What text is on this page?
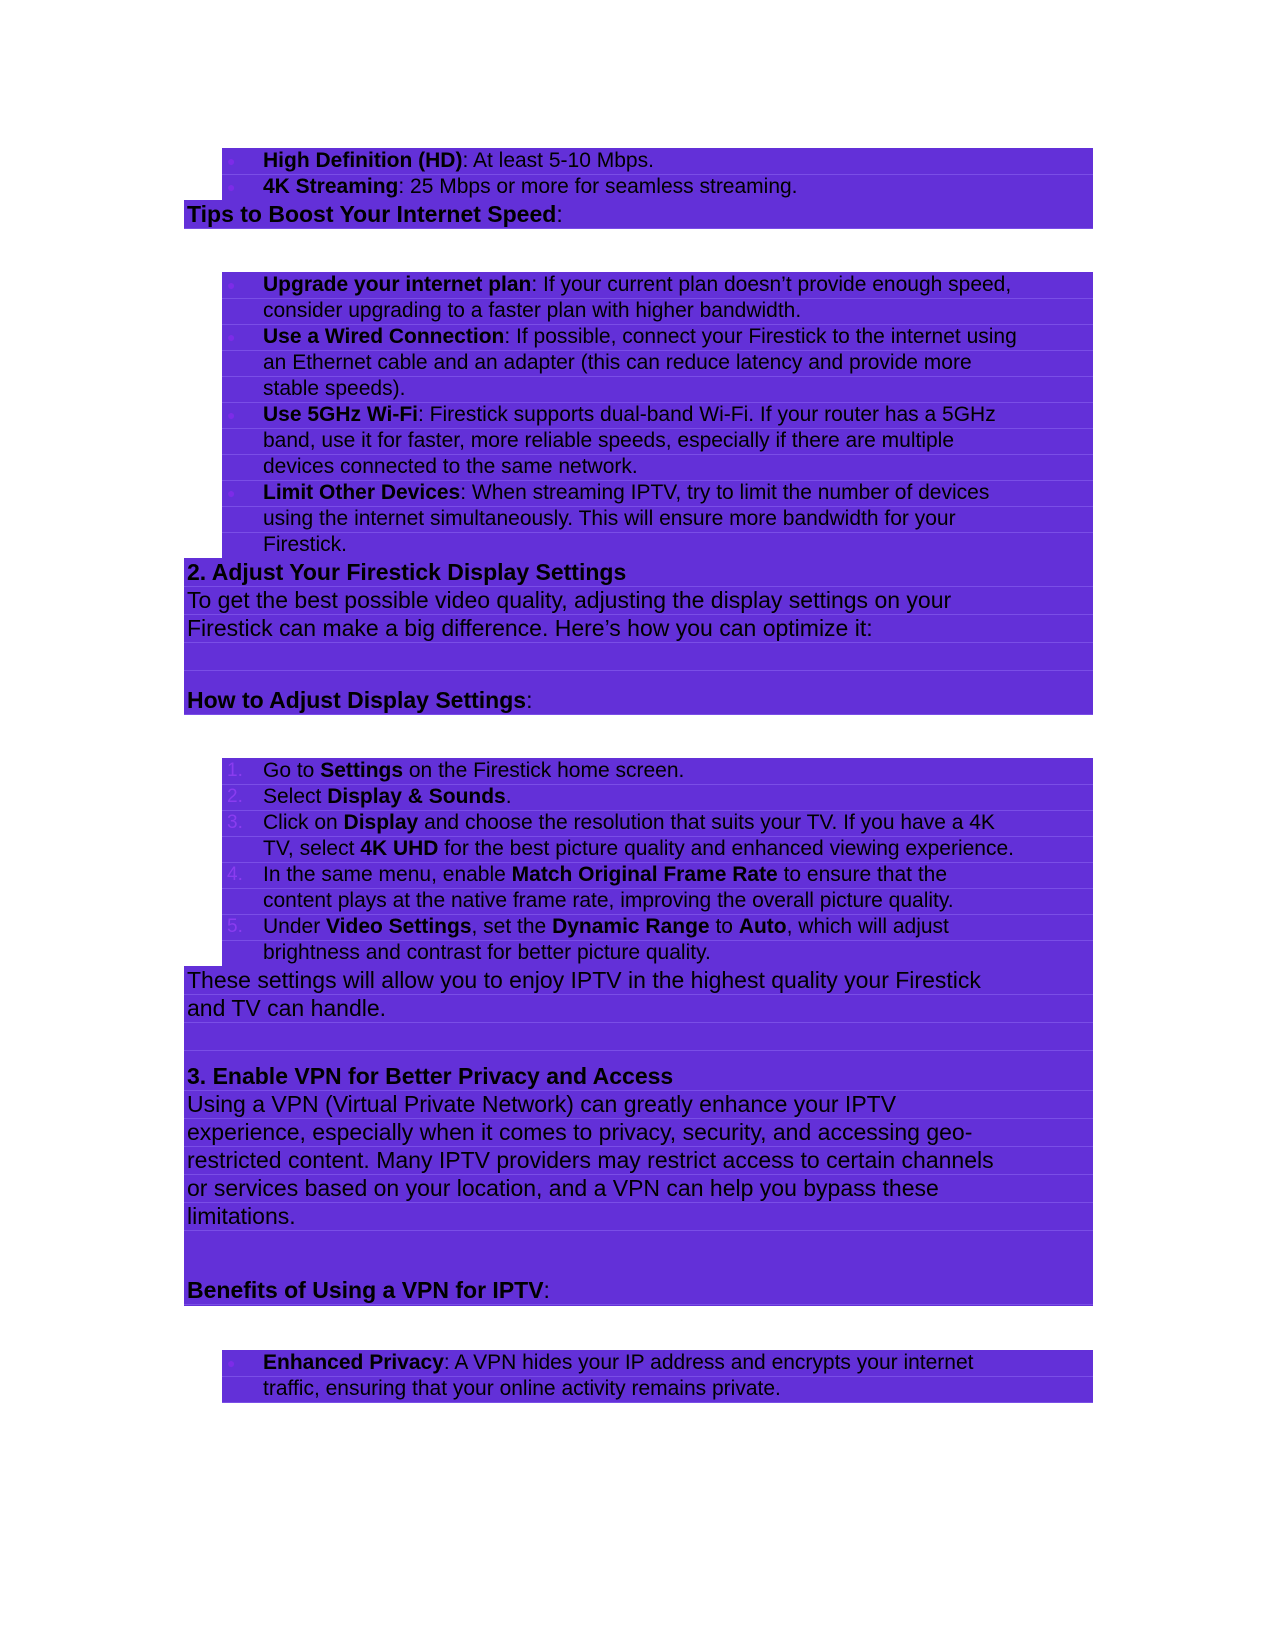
●	High Definition (HD): At least 5-10 Mbps.
●	4K Streaming: 25 Mbps or more for seamless streaming.
Tips to Boost Your Internet Speed:
●	Upgrade your internet plan: If your current plan doesn’t provide enough speed,
consider upgrading to a faster plan with higher bandwidth.
●	Use a Wired Connection: If possible, connect your Firestick to the internet using
an Ethernet cable and an adapter (this can reduce latency and provide more
stable speeds).
●	Use 5GHz Wi-Fi: Firestick supports dual-band Wi-Fi. If your router has a 5GHz
band, use it for faster, more reliable speeds, especially if there are multiple
devices connected to the same network.
●	Limit Other Devices: When streaming IPTV, try to limit the number of devices
using the internet simultaneously. This will ensure more bandwidth for your
Firestick.
2. Adjust Your Firestick Display Settings
To get the best possible video quality, adjusting the display settings on your
Firestick can make a big difference. Here’s how you can optimize it:
How to Adjust Display Settings:
1. Go to Settings on the Firestick home screen.
2. Select Display & Sounds.
3. Click on Display and choose the resolution that suits your TV. If you have a 4K
TV, select 4K UHD for the best picture quality and enhanced viewing experience.
4. In the same menu, enable Match Original Frame Rate to ensure that the
content plays at the native frame rate, improving the overall picture quality.
5. Under Video Settings, set the Dynamic Range to Auto, which will adjust
brightness and contrast for better picture quality.
These settings will allow you to enjoy IPTV in the highest quality your Firestick
and TV can handle.
3. Enable VPN for Better Privacy and Access
Using a VPN (Virtual Private Network) can greatly enhance your IPTV
experience, especially when it comes to privacy, security, and accessing geo-
restricted content. Many IPTV providers may restrict access to certain channels
or services based on your location, and a VPN can help you bypass these
limitations.
Benefits of Using a VPN for IPTV:
●	Enhanced Privacy: A VPN hides your IP address and encrypts your internet
traffic, ensuring that your online activity remains private.
